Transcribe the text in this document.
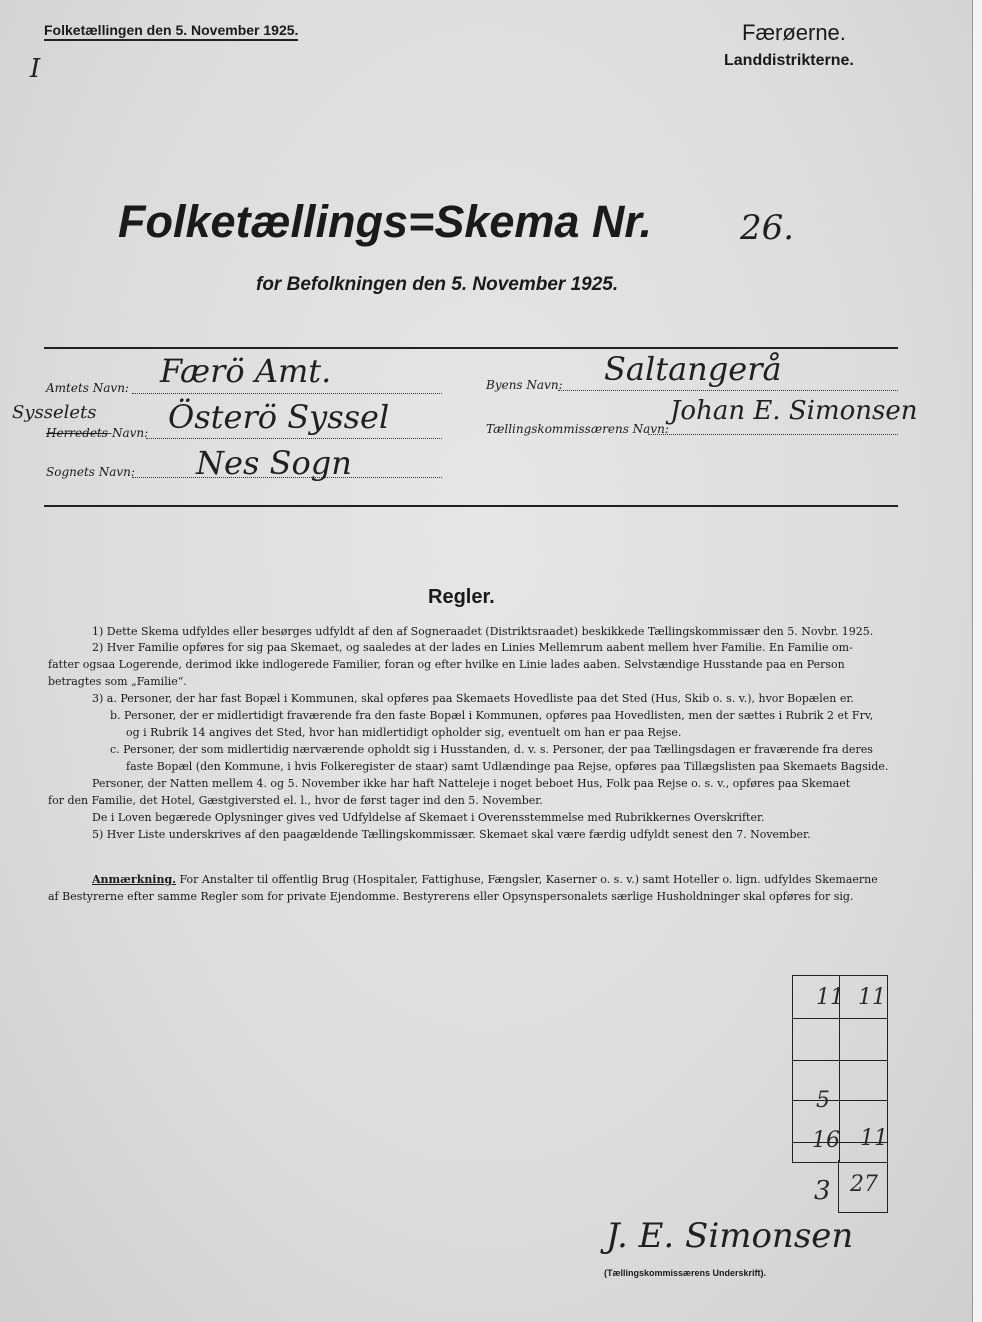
Folketællingen den 5. November 1925.	Færøerne.
Landdistrikterne.
I
Folketællings=Skema Nr.	26.
for Befolkningen den 5. November 1925.
Amtets Navn: Færö Amt.
Herredets-Navn:
Sysselets Österö Syssel
Sognets Navn: Nes Sogn
Byens Navn: Saltangerå
Tællingskommissærens Navn:
Johan E. Simonsen
Regler.
1) Dette Skema udfyldes eller besørges udfyldt af den af Sogneraadet (Distriktsraadet) beskikkede Tællingskommissær den 5. Novbr. 1925.
2) Hver Familie opføres for sig paa Skemaet, og saaledes at der lades en Linies Mellemrum aabent mellem hver Familie. En Familie om-
fatter ogsaa Logerende, derimod ikke indlogerede Familier, foran og efter hvilke en Linie lades aaben. Selvstændige Husstande paa en Person
betragtes som „Familie“.
3) a. Personer, der har fast Bopæl i Kommunen, skal opføres paa Skemaets Hovedliste paa det Sted (Hus, Skib o. s. v.), hvor Bopælen er.
b. Personer, der er midlertidigt fraværende fra den faste Bopæl i Kommunen, opføres paa Hovedlisten, men der sættes i Rubrik 2 et Frv,
og i Rubrik 14 angives det Sted, hvor han midlertidigt opholder sig, eventuelt om han er paa Rejse.
c. Personer, der som midlertidig nærværende opholdt sig i Husstanden, d. v. s. Personer, der paa Tællingsdagen er fraværende fra deres
faste Bopæl (den Kommune, i hvis Folkeregister de staar) samt Udlændinge paa Rejse, opføres paa Tillægslisten paa Skemaets Bagside.
Personer, der Natten mellem 4. og 5. November ikke har haft Natteleje i noget beboet Hus, Folk paa Rejse o. s. v., opføres paa Skemaet
for den Familie, det Hotel, Gæstgiversted el. l., hvor de først tager ind den 5. November.
De i Loven begærede Oplysninger gives ved Udfyldelse af Skemaet i Overensstemmelse med Rubrikkernes Overskrifter.
5) Hver Liste underskrives af den paagældende Tællingskommissær. Skemaet skal være færdig udfyldt senest den 7. November.
Anmærkning. For Anstalter til offentlig Brug (Hospitaler, Fattighuse, Fængsler, Kaserner o. s. v.) samt Hoteller o. lign. udfyldes Skemaerne
af Bestyrerne efter samme Regler som for private Ejendomme. Bestyrerens eller Opsynspersonalets særlige Husholdninger skal opføres for sig.
11 11
5
16 11
3 27
J. E. Simonsen
(Tællingskommissærens Underskrift).
